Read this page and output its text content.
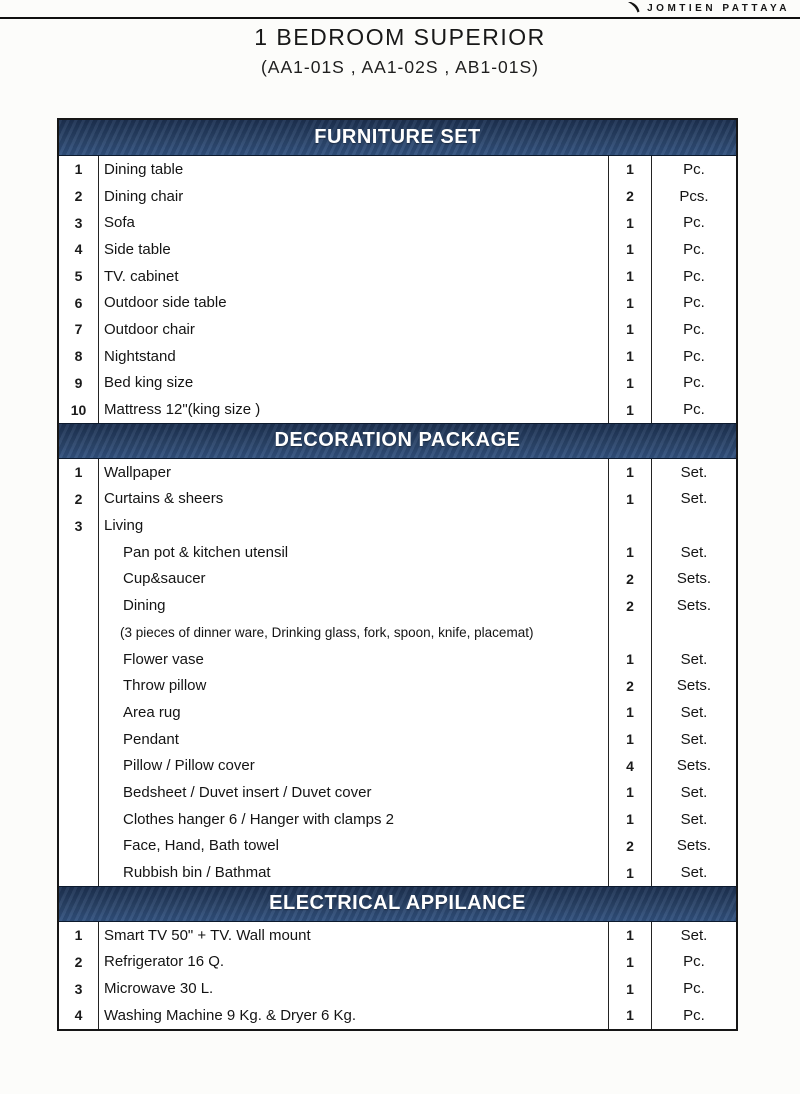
JOMTIEN PATTAYA
1 BEDROOM SUPERIOR
(AA1-01S , AA1-02S , AB1-01S)
FURNITURE SET
1	Dining table	1	Pc.
2	Dining chair	2	Pcs.
3	Sofa	1	Pc.
4	Side table	1	Pc.
5	TV. cabinet	1	Pc.
6	Outdoor side table	1	Pc.
7	Outdoor chair	1	Pc.
8	Nightstand	1	Pc.
9	Bed king size	1	Pc.
10	Mattress 12"(king size )	1	Pc.
DECORATION PACKAGE
1	Wallpaper	1	Set.
2	Curtains & sheers	1	Set.
3	Living
Pan pot & kitchen utensil	1	Set.
Cup&saucer	2	Sets.
Dining	2	Sets.
(3 pieces of dinner ware, Drinking glass, fork, spoon, knife, placemat)
Flower vase	1	Set.
Throw pillow	2	Sets.
Area rug	1	Set.
Pendant	1	Set.
Pillow / Pillow cover	4	Sets.
Bedsheet / Duvet insert / Duvet cover	1	Set.
Clothes hanger 6 / Hanger with clamps 2	1	Set.
Face, Hand, Bath towel	2	Sets.
Rubbish bin / Bathmat	1	Set.
ELECTRICAL APPILANCE
1	Smart TV 50" + TV. Wall mount	1	Set.
2	Refrigerator 16 Q.	1	Pc.
3	Microwave 30 L.	1	Pc.
4	Washing Machine 9 Kg. & Dryer 6 Kg.	1	Pc.
